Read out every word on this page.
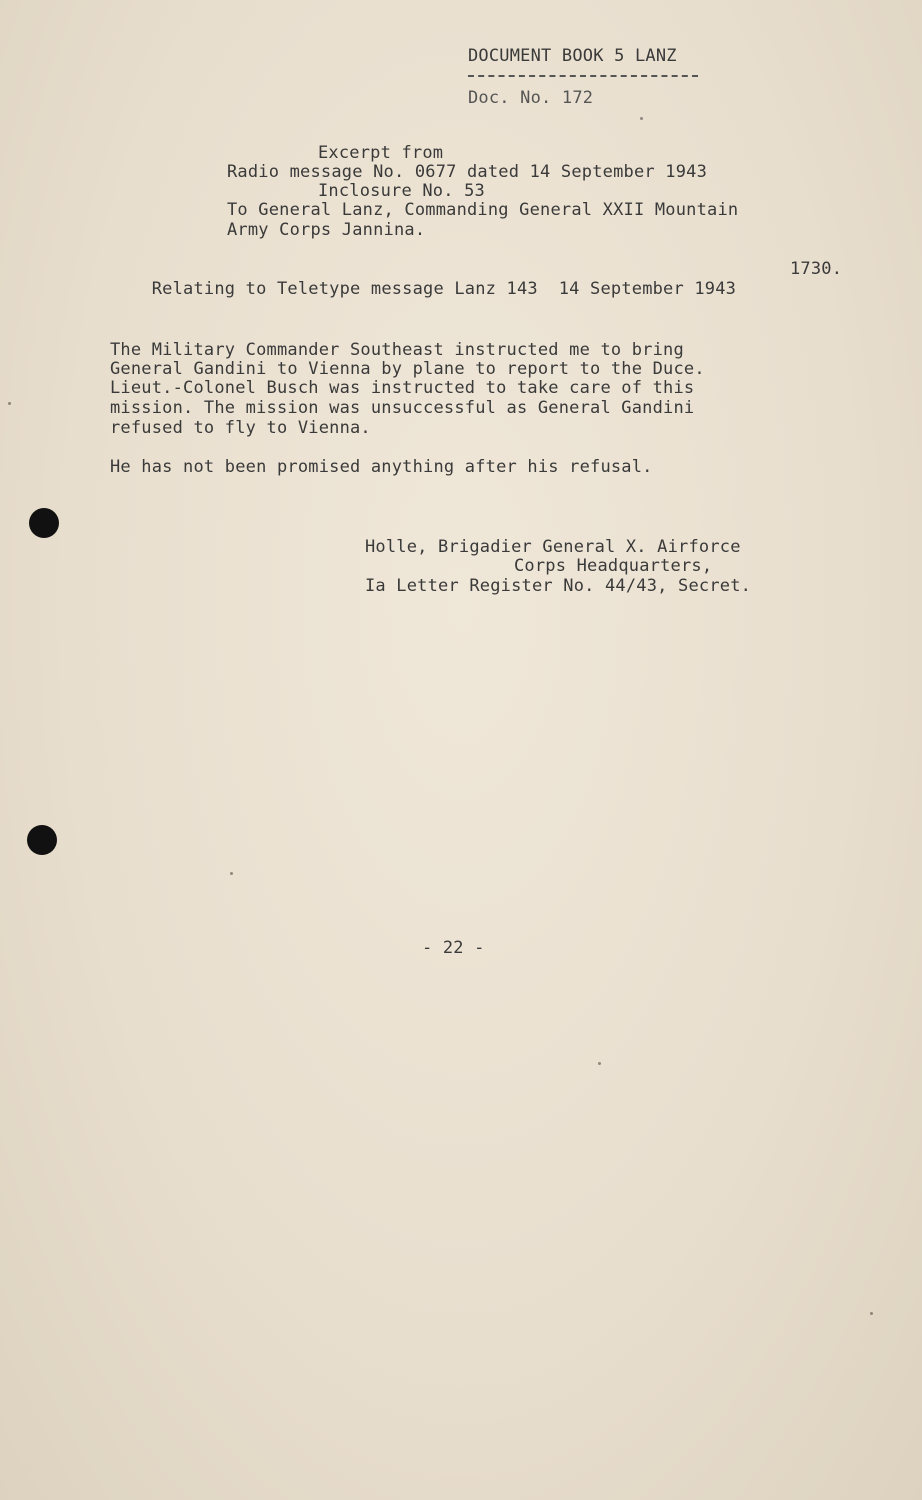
DOCUMENT BOOK 5 LANZ
Doc. No. 172
Excerpt from
Radio message No. 0677 dated 14 September 1943
Inclosure No. 53
To General Lanz, Commanding General XXII Mountain
Army Corps Jannina.

Relating to Teletype message Lanz 143  14 September 1943

1730.

The Military Commander Southeast instructed me to bring
General Gandini to Vienna by plane to report to the Duce.
Lieut.-Colonel Busch was instructed to take care of this
mission. The mission was unsuccessful as General Gandini
refused to fly to Vienna.
He has not been promised anything after his refusal.
Holle, Brigadier General X. Airforce
Corps Headquarters,
Ia Letter Register No. 44/43, Secret.
- 22 -
